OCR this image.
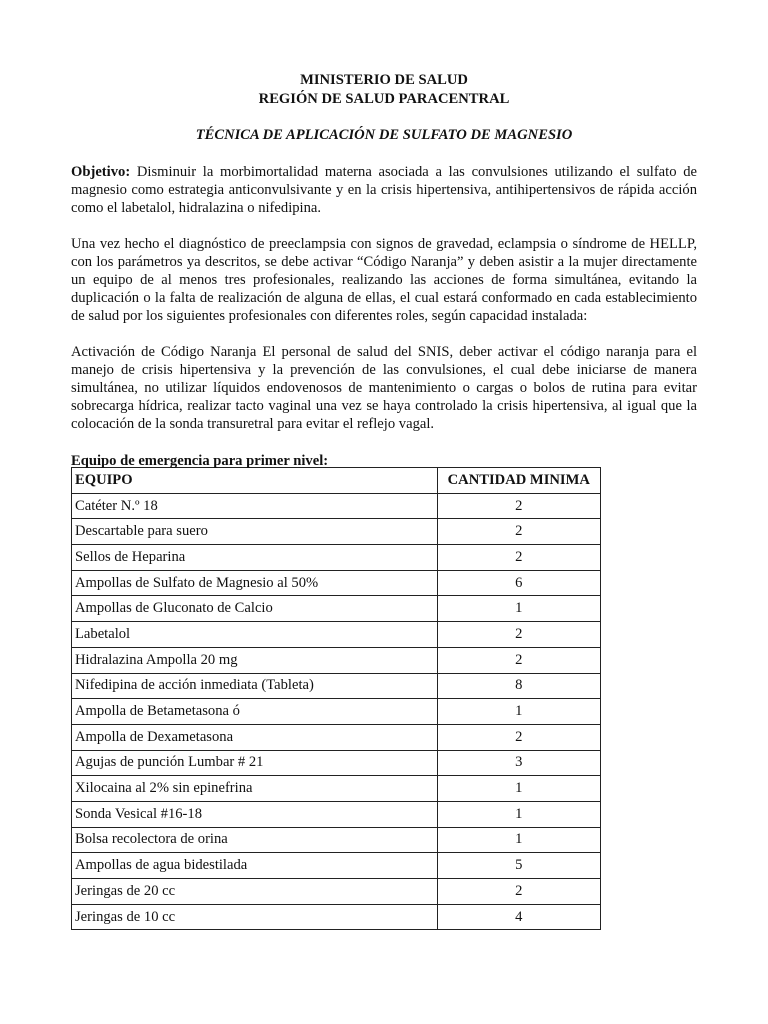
MINISTERIO DE SALUD
REGIÓN DE SALUD PARACENTRAL
TÉCNICA DE APLICACIÓN DE SULFATO DE MAGNESIO

Objetivo: Disminuir la morbimortalidad materna asociada a las convulsiones utilizando el sulfato de magnesio como estrategia anticonvulsivante y en la crisis hipertensiva, antihipertensivos de rápida acción como el labetalol, hidralazina o nifedipina.

Una vez hecho el diagnóstico de preeclampsia con signos de gravedad, eclampsia o síndrome de HELLP, con los parámetros ya descritos, se debe activar “Código Naranja” y deben asistir a la mujer directamente un equipo de al menos tres profesionales, realizando las acciones de forma simultánea, evitando la duplicación o la falta de realización de alguna de ellas, el cual estará conformado en cada establecimiento de salud por los siguientes profesionales con diferentes roles, según capacidad instalada:

Activación de Código Naranja El personal de salud del SNIS, deber activar el código naranja para el manejo de crisis hipertensiva y la prevención de las convulsiones, el cual debe iniciarse de manera simultánea, no utilizar líquidos endovenosos de mantenimiento o cargas o bolos de rutina para evitar sobrecarga hídrica, realizar tacto vaginal una vez se haya controlado la crisis hipertensiva, al igual que la colocación de la sonda transuretral para evitar el reflejo vagal.

Equipo de emergencia para primer nivel:
EQUIPO	CANTIDAD MINIMA
Catéter N.º 18	2
Descartable para suero	2
Sellos de Heparina	2
Ampollas de Sulfato de Magnesio al 50%	6
Ampollas de Gluconato de Calcio	1
Labetalol	2
Hidralazina Ampolla 20 mg	2
Nifedipina de acción inmediata (Tableta)	8
Ampolla de Betametasona ó	1
Ampolla de Dexametasona	2
Agujas de punción Lumbar # 21	3
Xilocaina al 2% sin epinefrina	1
Sonda Vesical #16-18	1
Bolsa recolectora de orina	1
Ampollas de agua bidestilada	5
Jeringas de 20 cc	2
Jeringas de 10 cc	4
